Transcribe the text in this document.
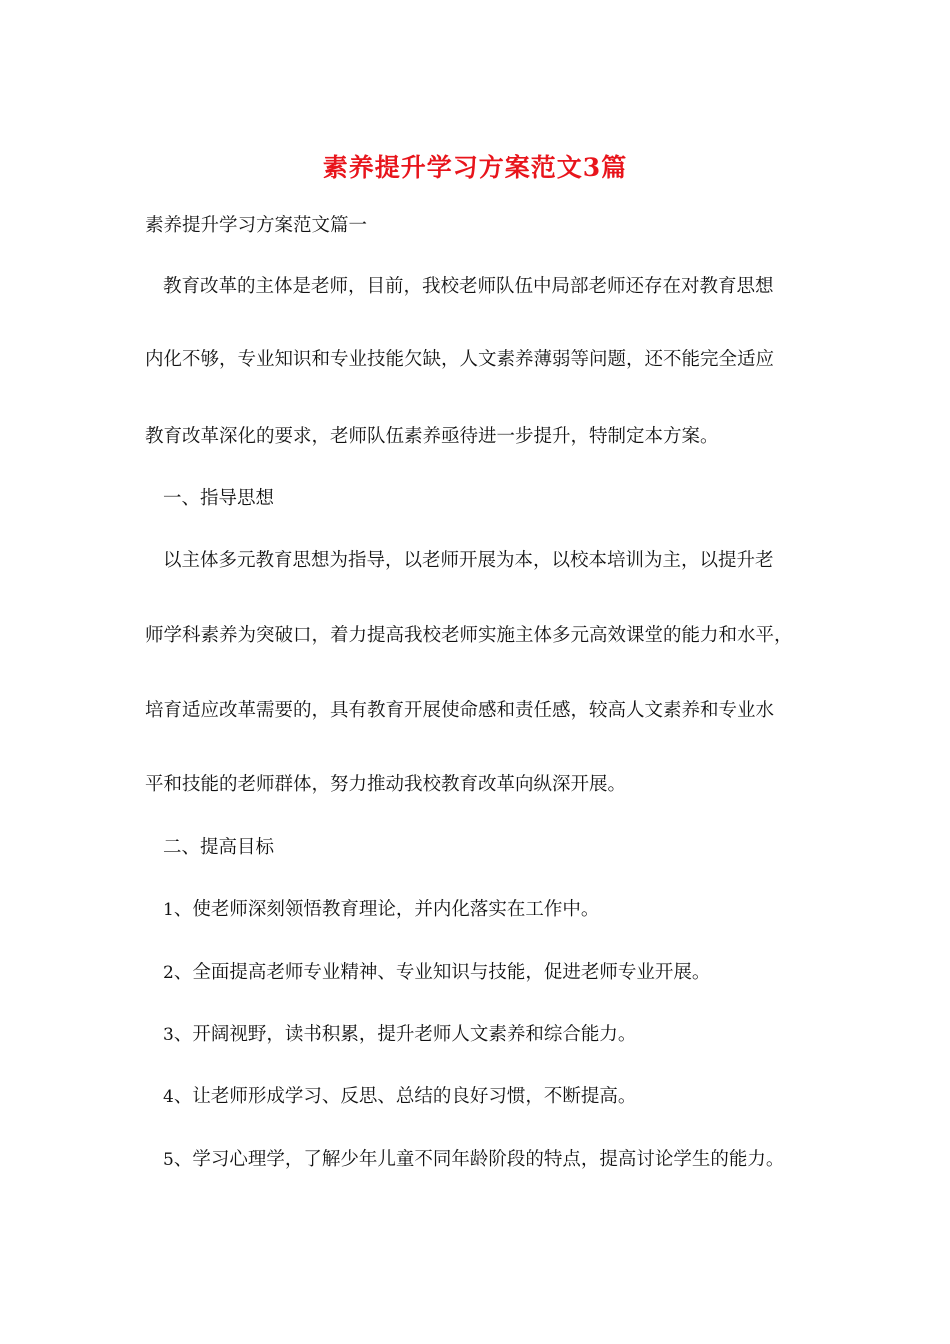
素养提升学习方案范文3篇
素养提升学习方案范文篇一
教育改革的主体是老师，目前，我校老师队伍中局部老师还存在对教育思想
内化不够，专业知识和专业技能欠缺，人文素养薄弱等问题，还不能完全适应
教育改革深化的要求，老师队伍素养亟待进一步提升，特制定本方案。
一、指导思想
以主体多元教育思想为指导，以老师开展为本，以校本培训为主，以提升老
师学科素养为突破口，着力提高我校老师实施主体多元高效课堂的能力和水平，
培育适应改革需要的，具有教育开展使命感和责任感，较高人文素养和专业水
平和技能的老师群体，努力推动我校教育改革向纵深开展。
二、提高目标
1、使老师深刻领悟教育理论，并内化落实在工作中。
2、全面提高老师专业精神、专业知识与技能，促进老师专业开展。
3、开阔视野，读书积累，提升老师人文素养和综合能力。
4、让老师形成学习、反思、总结的良好习惯，不断提高。
5、学习心理学，了解少年儿童不同年龄阶段的特点，提高讨论学生的能力。
